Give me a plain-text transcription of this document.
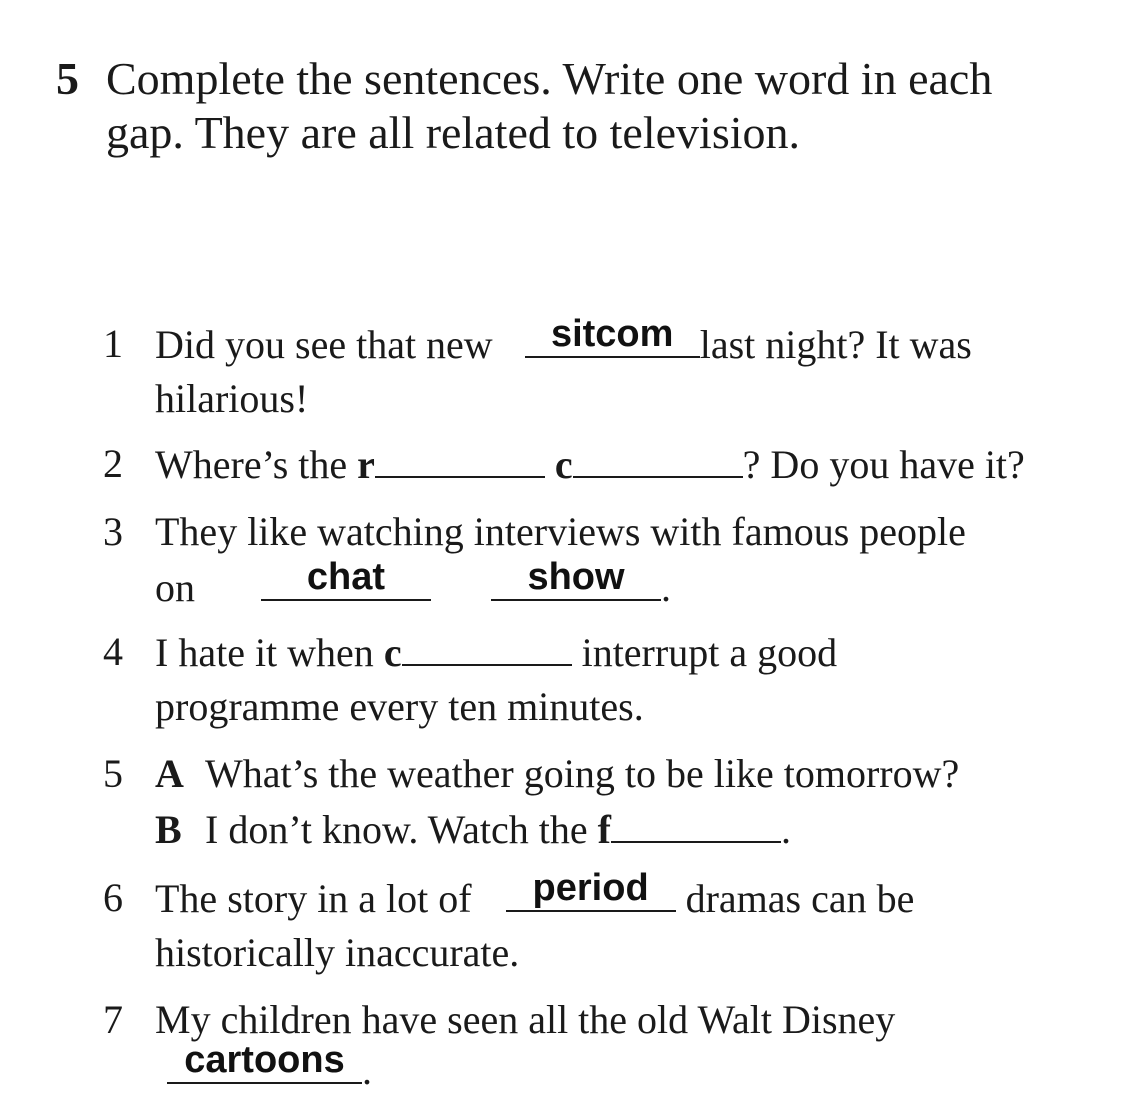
5 Complete the sentences. Write one word in each
gap. They are all related to television.
1 Did you see that new	sitcom last night? It was
hilarious!
2 Where’s the r	c	? Do you have it?
3 They like watching interviews with famous people
on	chat
	show .
4 I hate it when c	interrupt a good
programme every ten minutes.
5 A What’s the weather going to be like tomorrow?
B I don’t know. Watch the f	.
6 The story in a lot of	period dramas can be
historically inaccurate.
7 My children have seen all the old Walt Disney
cartoons .
